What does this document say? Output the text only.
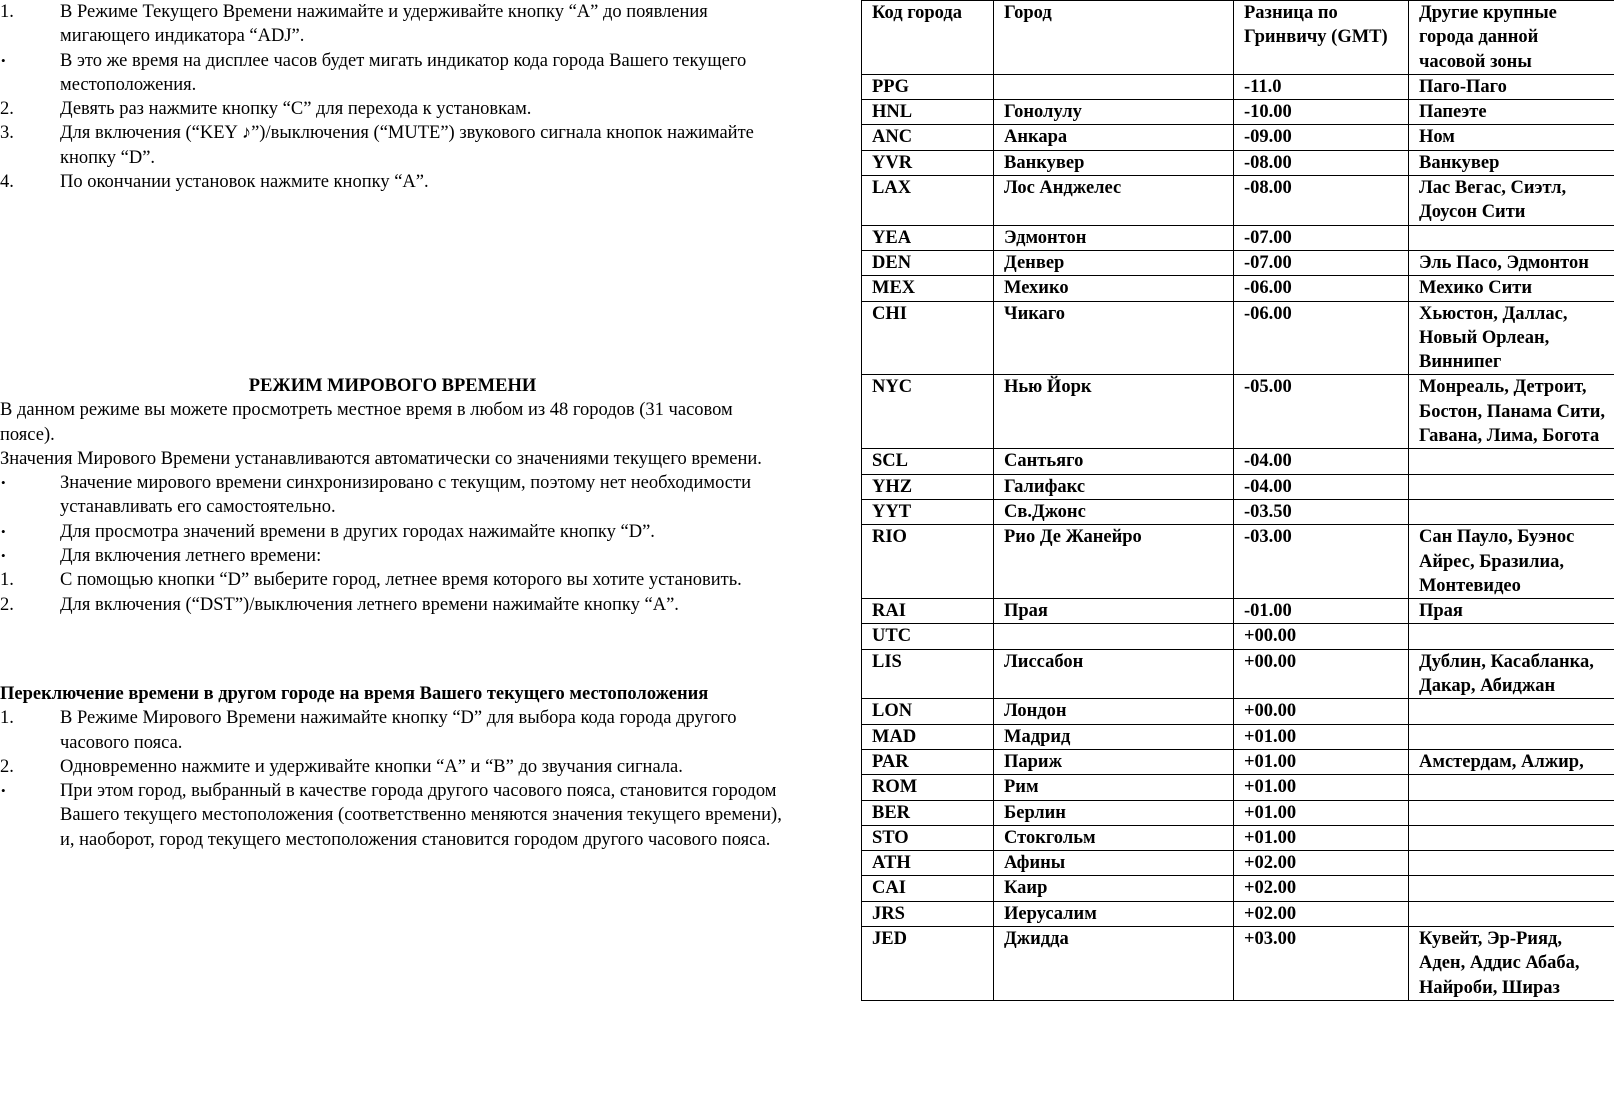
1. В Режиме Текущего Времени нажимайте и удерживайте кнопку “A” до появления мигающего индикатора “ADJ”.
•	В это же время на дисплее часов будет мигать индикатор кода города Вашего текущего местоположения.
2. Девять раз нажмите кнопку “C” для перехода к установкам.
3. Для включения (“KEY ♪”)/выключения (“MUTE”) звукового сигнала кнопок нажимайте кнопку “D”.
4. По окончании установок нажмите кнопку “A”.
РЕЖИМ МИРОВОГО ВРЕМЕНИ
В данном режиме вы можете просмотреть местное время в любом из 48 городов (31 часовом поясе).
Значения Мирового Времени устанавливаются автоматически со значениями текущего времени.
•	Значение мирового времени синхронизировано с текущим, поэтому нет необходимости устанавливать его самостоятельно.
•	Для просмотра значений времени в других городах нажимайте кнопку “D”.
•	Для включения летнего времени:
1. С помощью кнопки “D” выберите город, летнее время которого вы хотите установить.
2. Для включения (“DST”)/выключения летнего времени нажимайте кнопку “A”.
Переключение времени в другом городе на время Вашего текущего местоположения
1. В Режиме Мирового Времени нажимайте кнопку “D” для выбора кода города другого часового пояса.
2. Одновременно нажмите и удерживайте кнопки “A” и “B” до звучания сигнала.
•	При этом город, выбранный в качестве города другого часового пояса, становится городом Вашего текущего местоположения (соответственно меняются значения текущего времени), и, наоборот, город текущего местоположения становится городом другого часового пояса.
Код города	Город	Разница по Гринвичу (GMT)	Другие крупные города данной часовой зоны
PPG		-11.0	Паго-Паго
HNL	Гонолулу	-10.00	Папеэте
ANC	Анкара	-09.00	Ном
YVR	Ванкувер	-08.00	Ванкувер
LAX	Лос Анджелес	-08.00	Лас Вегас, Сиэтл, Доусон Сити
YEA	Эдмонтон	-07.00	
DEN	Денвер	-07.00	Эль Пасо, Эдмонтон
MEX	Мехико	-06.00	Мехико Сити
CHI	Чикаго	-06.00	Хьюстон, Даллас, Новый Орлеан, Виннипег
NYC	Нью Йорк	-05.00	Монреаль, Детроит, Бостон, Панама Сити, Гавана, Лима, Богота
SCL	Сантьяго	-04.00	
YHZ	Галифакс	-04.00	
YYT	Св.Джонс	-03.50	
RIO	Рио Де Жанейро	-03.00	Сан Пауло, Буэнос Айрес, Бразилиа, Монтевидео
RAI	Прая	-01.00	Прая
UTC		+00.00	
LIS	Лиссабон	+00.00	Дублин, Касабланка, Дакар, Абиджан
LON	Лондон	+00.00	
MAD	Мадрид	+01.00	
PAR	Париж	+01.00	Амстердам, Алжир,
ROM	Рим	+01.00	
BER	Берлин	+01.00	
STO	Стокгольм	+01.00	
ATH	Афины	+02.00	
CAI	Каир	+02.00	
JRS	Иерусалим	+02.00	
JED	Джидда	+03.00	Кувейт, Эр-Рияд, Аден, Аддис Абаба, Найроби, Шираз
